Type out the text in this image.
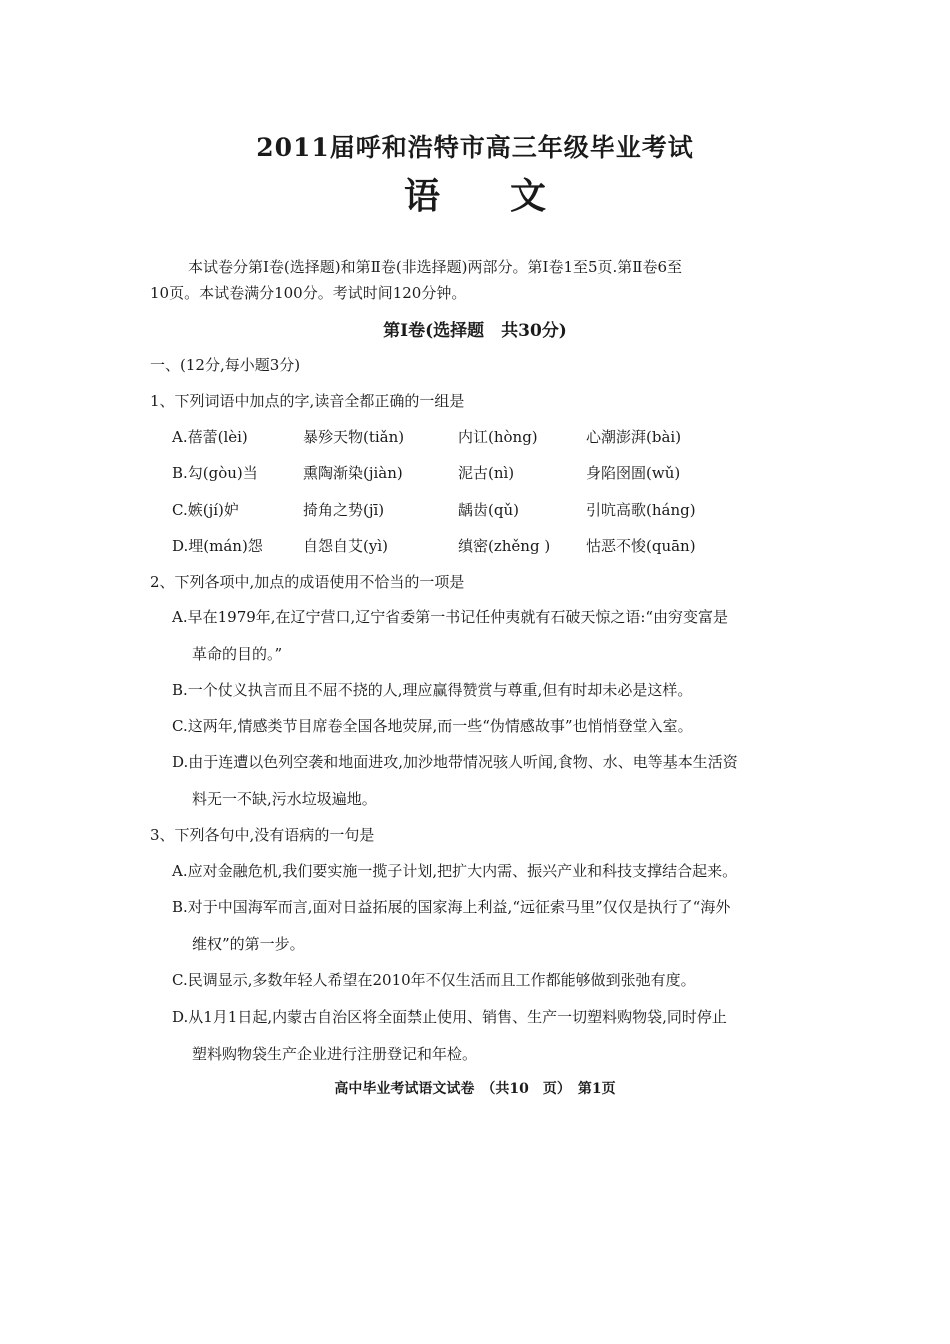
2011届呼和浩特市高三年级毕业考试
语 文
本试卷分第Ⅰ卷(选择题)和第Ⅱ卷(非选择题)两部分。第Ⅰ卷1至5页.第Ⅱ卷6至
10页。本试卷满分100分。考试时间120分钟。
第Ⅰ卷(选择题　共30分)
一、(12分,每小题3分)
1、下列词语中加点的字,读音全都正确的一组是
A.蓓蕾(lèi)	暴殄天物(tiǎn)	内讧(hòng)	心潮澎湃(bài)
B.勾(gòu)当	熏陶渐染(jiàn)	泥古(nì)	身陷囹圄(wǔ)
C.嫉(jí)妒	掎角之势(jī)	龋齿(qǔ)	引吭高歌(háng)
D.埋(mán)怨	自怨自艾(yì)	缜密(zhěng ) 怙恶不悛(quān)
2、下列各项中,加点的成语使用不恰当的一项是
A.早在1979年,在辽宁营口,辽宁省委第一书记任仲夷就有石破天惊之语:“由穷变富是
革命的目的。”
B.一个仗义执言而且不屈不挠的人,理应赢得赞赏与尊重,但有时却未必是这样。
C.这两年,情感类节目席卷全国各地荧屏,而一些“伪情感故事”也悄悄登堂入室。
D.由于连遭以色列空袭和地面进攻,加沙地带情况骇人听闻,食物、水、电等基本生活资
料无一不缺,污水垃圾遍地。
3、下列各句中,没有语病的一句是
A.应对金融危机,我们要实施一揽子计划,把扩大内需、振兴产业和科技支撑结合起来。
B.对于中国海军而言,面对日益拓展的国家海上利益,“远征索马里”仅仅是执行了“海外
维权”的第一步。
C.民调显示,多数年轻人希望在2010年不仅生活而且工作都能够做到张弛有度。
D.从1月1日起,内蒙古自治区将全面禁止使用、销售、生产一切塑料购物袋,同时停止
塑料购物袋生产企业进行注册登记和年检。
高中毕业考试语文试卷　（共10　页）　第1页
